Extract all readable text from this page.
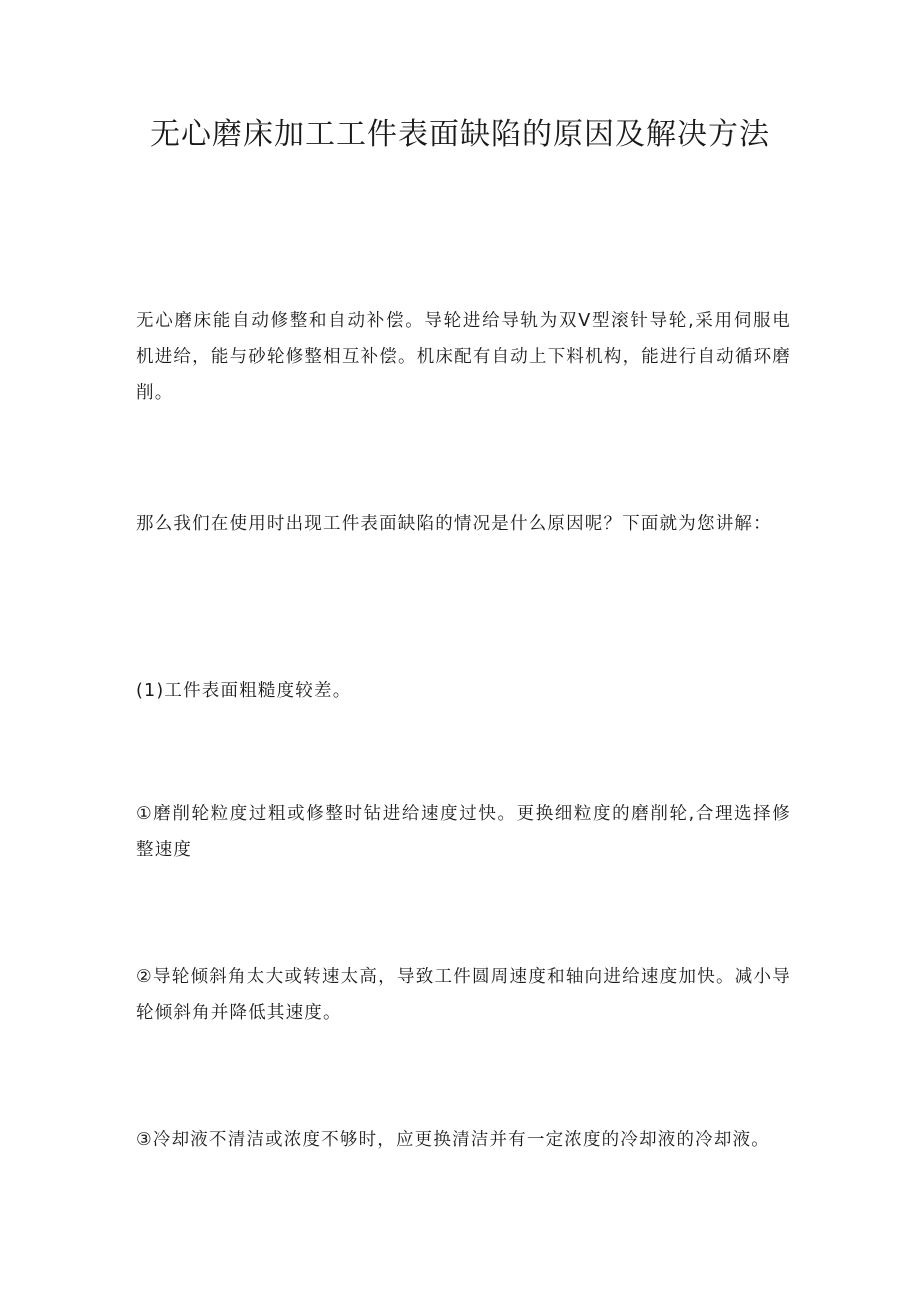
无心磨床加工工件表面缺陷的原因及解决方法

无心磨床能自动修整和自动补偿。导轮进给导轨为双V型滚针导轮,采用伺服电机进给，能与砂轮修整相互补偿。机床配有自动上下料机构，能进行自动循环磨削。

那么我们在使用时出现工件表面缺陷的情况是什么原因呢？下面就为您讲解：

(1)工件表面粗糙度较差。

①磨削轮粒度过粗或修整时钻进给速度过快。更换细粒度的磨削轮,合理选择修整速度

②导轮倾斜角太大或转速太高，导致工件圆周速度和轴向进给速度加快。减小导轮倾斜角并降低其速度。

③冷却液不清洁或浓度不够时，应更换清洁并有一定浓度的冷却液的冷却液。
